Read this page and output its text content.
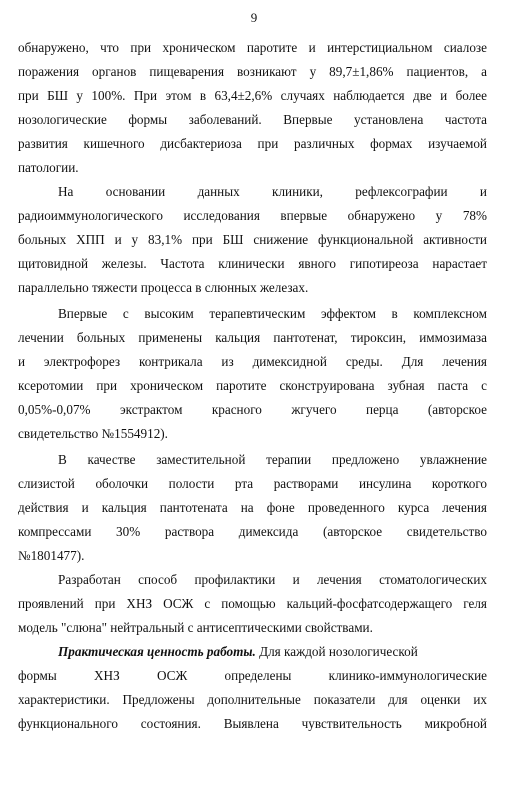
9
обнаружено, что при хроническом паротите и интерстициальном сиалозе
поражения органов пищеварения возникают у 89,7±1,86% пациентов, а
при БШ у 100%. При этом в 63,4±2,6% случаях наблюдается две и более
нозологические формы заболеваний. Впервые установлена частота
развития кишечного дисбактериоза при различных формах изучаемой
патологии.
На основании данных клиники, рефлексографии и
радиоиммунологического исследования впервые обнаружено у 78%
больных ХПП и у 83,1% при БШ снижение функциональной активности
щитовидной железы. Частота клинически явного гипотиреоза нарастает
параллельно тяжести процесса в слюнных железах.
Впервые с высоким терапевтическим эффектом в комплексном
лечении больных применены кальция пантотенат, тироксин, иммозимаза
и электрофорез контрикала из димексидной среды. Для лечения
ксеротомии при хроническом паротите сконструирована зубная паста с
0,05%-0,07% экстрактом красного жгучего перца (авторское
свидетельство №1554912).
В качестве заместительной терапии предложено увлажнение
слизистой оболочки полости рта растворами инсулина короткого
действия и кальция пантотената на фоне проведенного курса лечения
компрессами 30% раствора димексида (авторское свидетельство
№1801477).
Разработан способ профилактики и лечения стоматологических
проявлений при ХНЗ ОСЖ с помощью кальций-фосфатсодержащего геля
модель "слюна" нейтральный с антисептическими свойствами.
Практическая ценность работы. Для каждой нозологической
формы ХНЗ ОСЖ определены клинико-иммунологические
характеристики. Предложены дополнительные показатели для оценки их
функционального состояния. Выявлена чувствительность микробной
